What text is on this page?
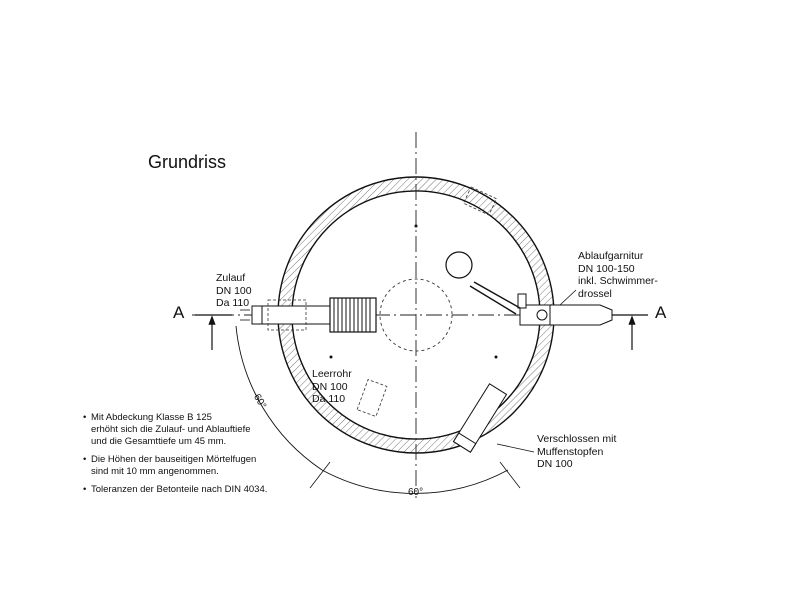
Grundriss
A	A
Zulauf
DN 100
Da 110
Ablaufgarnitur
DN 100-150
inkl. Schwimmer-
drossel
Leerrohr
DN 100
Da 110
Verschlossen mit
Muffenstopfen
DN 100
60°
60°
• Mit Abdeckung Klasse B 125
erhöht sich die Zulauf- und Ablauftiefe
und die Gesamttiefe um 45 mm.
• Die Höhen der bauseitigen Mörtelfugen
sind mit 10 mm angenommen.
• Toleranzen der Betonteile nach DIN 4034.
